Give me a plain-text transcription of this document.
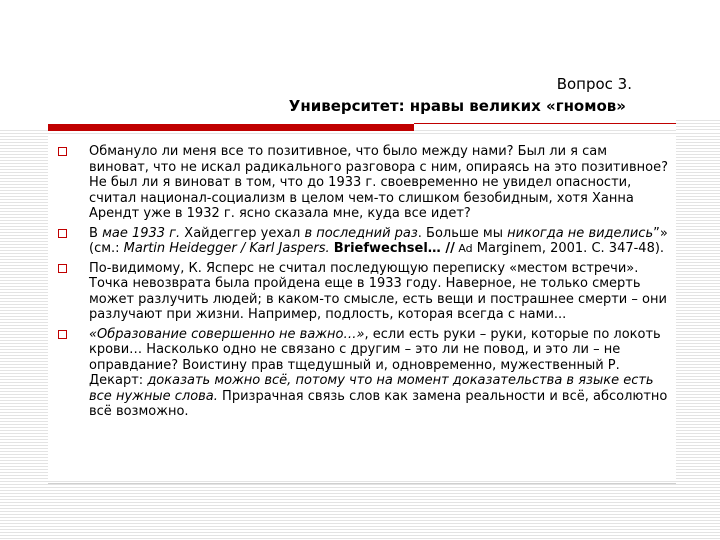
Вопрос 3.
Университет: нравы великих «гномов»
Обмануло ли меня все то позитивное, что было между нами? Был ли я сам виноват, что не искал радикального разговора с ним, опираясь на это позитивное? Не был ли я виноват в том, что до 1933 г. своевременно не увидел опасности, считал национал-социализм в целом чем-то слишком безобидным, хотя Ханна Арендт уже в 1932 г. ясно сказала мне, куда все идет?
В мае 1933 г. Хайдеггер уехал в последний раз. Больше мы никогда не виделись”» (см.: Martin Heidegger / Karl Jaspers. Briefwechsel… // Ad Marginem, 2001. С. 347-48).
По-видимому, К. Ясперс не считал последующую переписку «местом встречи». Точка невозврата была пройдена еще в 1933 году. Наверное, не только смерть может разлучить людей; в каком-то смысле, есть вещи и пострашнее смерти – они разлучают при жизни. Например, подлость, которая всегда с нами...
«Образование совершенно не важно…», если есть руки – руки, которые по локоть крови… Насколько одно не связано с другим – это ли не повод, и это ли – не оправдание? Воистину прав тщедушный и, одновременно, мужественный Р. Декарт: доказать можно всё, потому что на момент доказательства в языке есть все нужные слова. Призрачная связь слов как замена реальности и всё, абсолютно всё возможно.
